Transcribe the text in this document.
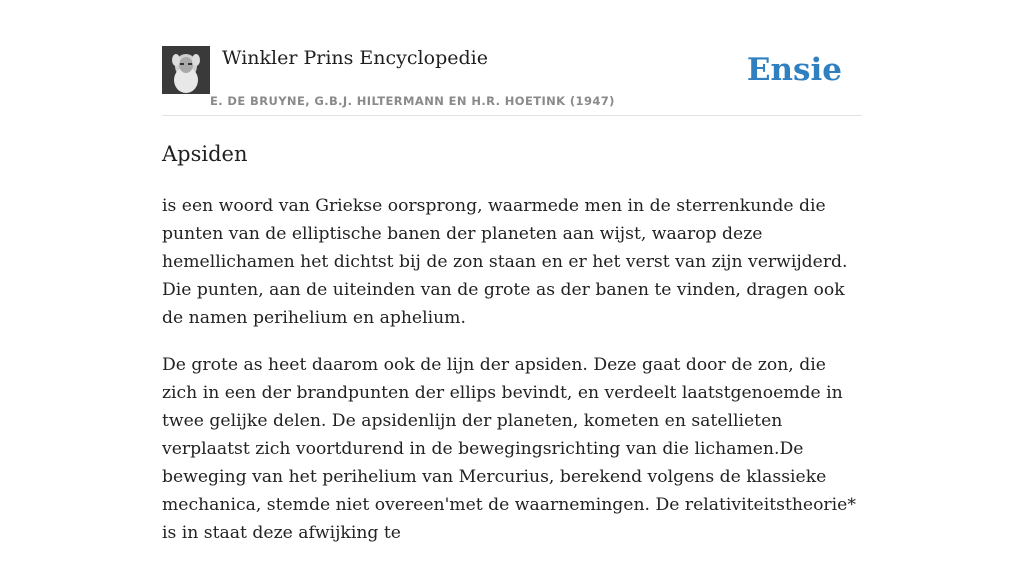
Winkler Prins Encyclopedie
E. DE BRUYNE, G.B.J. HILTERMANN EN H.R. HOETINK (1947)
Ensie
Apsiden

is een woord van Griekse oorsprong, waarmede men in de sterrenkunde die punten van de elliptische banen der planeten aan wijst, waarop deze hemellichamen het dichtst bij de zon staan en er het verst van zijn verwijderd. Die punten, aan de uiteinden van de grote as der banen te vinden, dragen ook de namen perihelium en aphelium.

De grote as heet daarom ook de lijn der apsiden. Deze gaat door de zon, die zich in een der brandpunten der ellips bevindt, en verdeelt laatstgenoemde in twee gelijke delen. De apsidenlijn der planeten, kometen en satellieten verplaatst zich voortdurend in de bewegingsrichting van die lichamen.De beweging van het perihelium van Mercurius, berekend volgens de klassieke mechanica, stemde niet overeen'met de waarnemingen. De relativiteitstheorie* is in staat deze afwijking te
